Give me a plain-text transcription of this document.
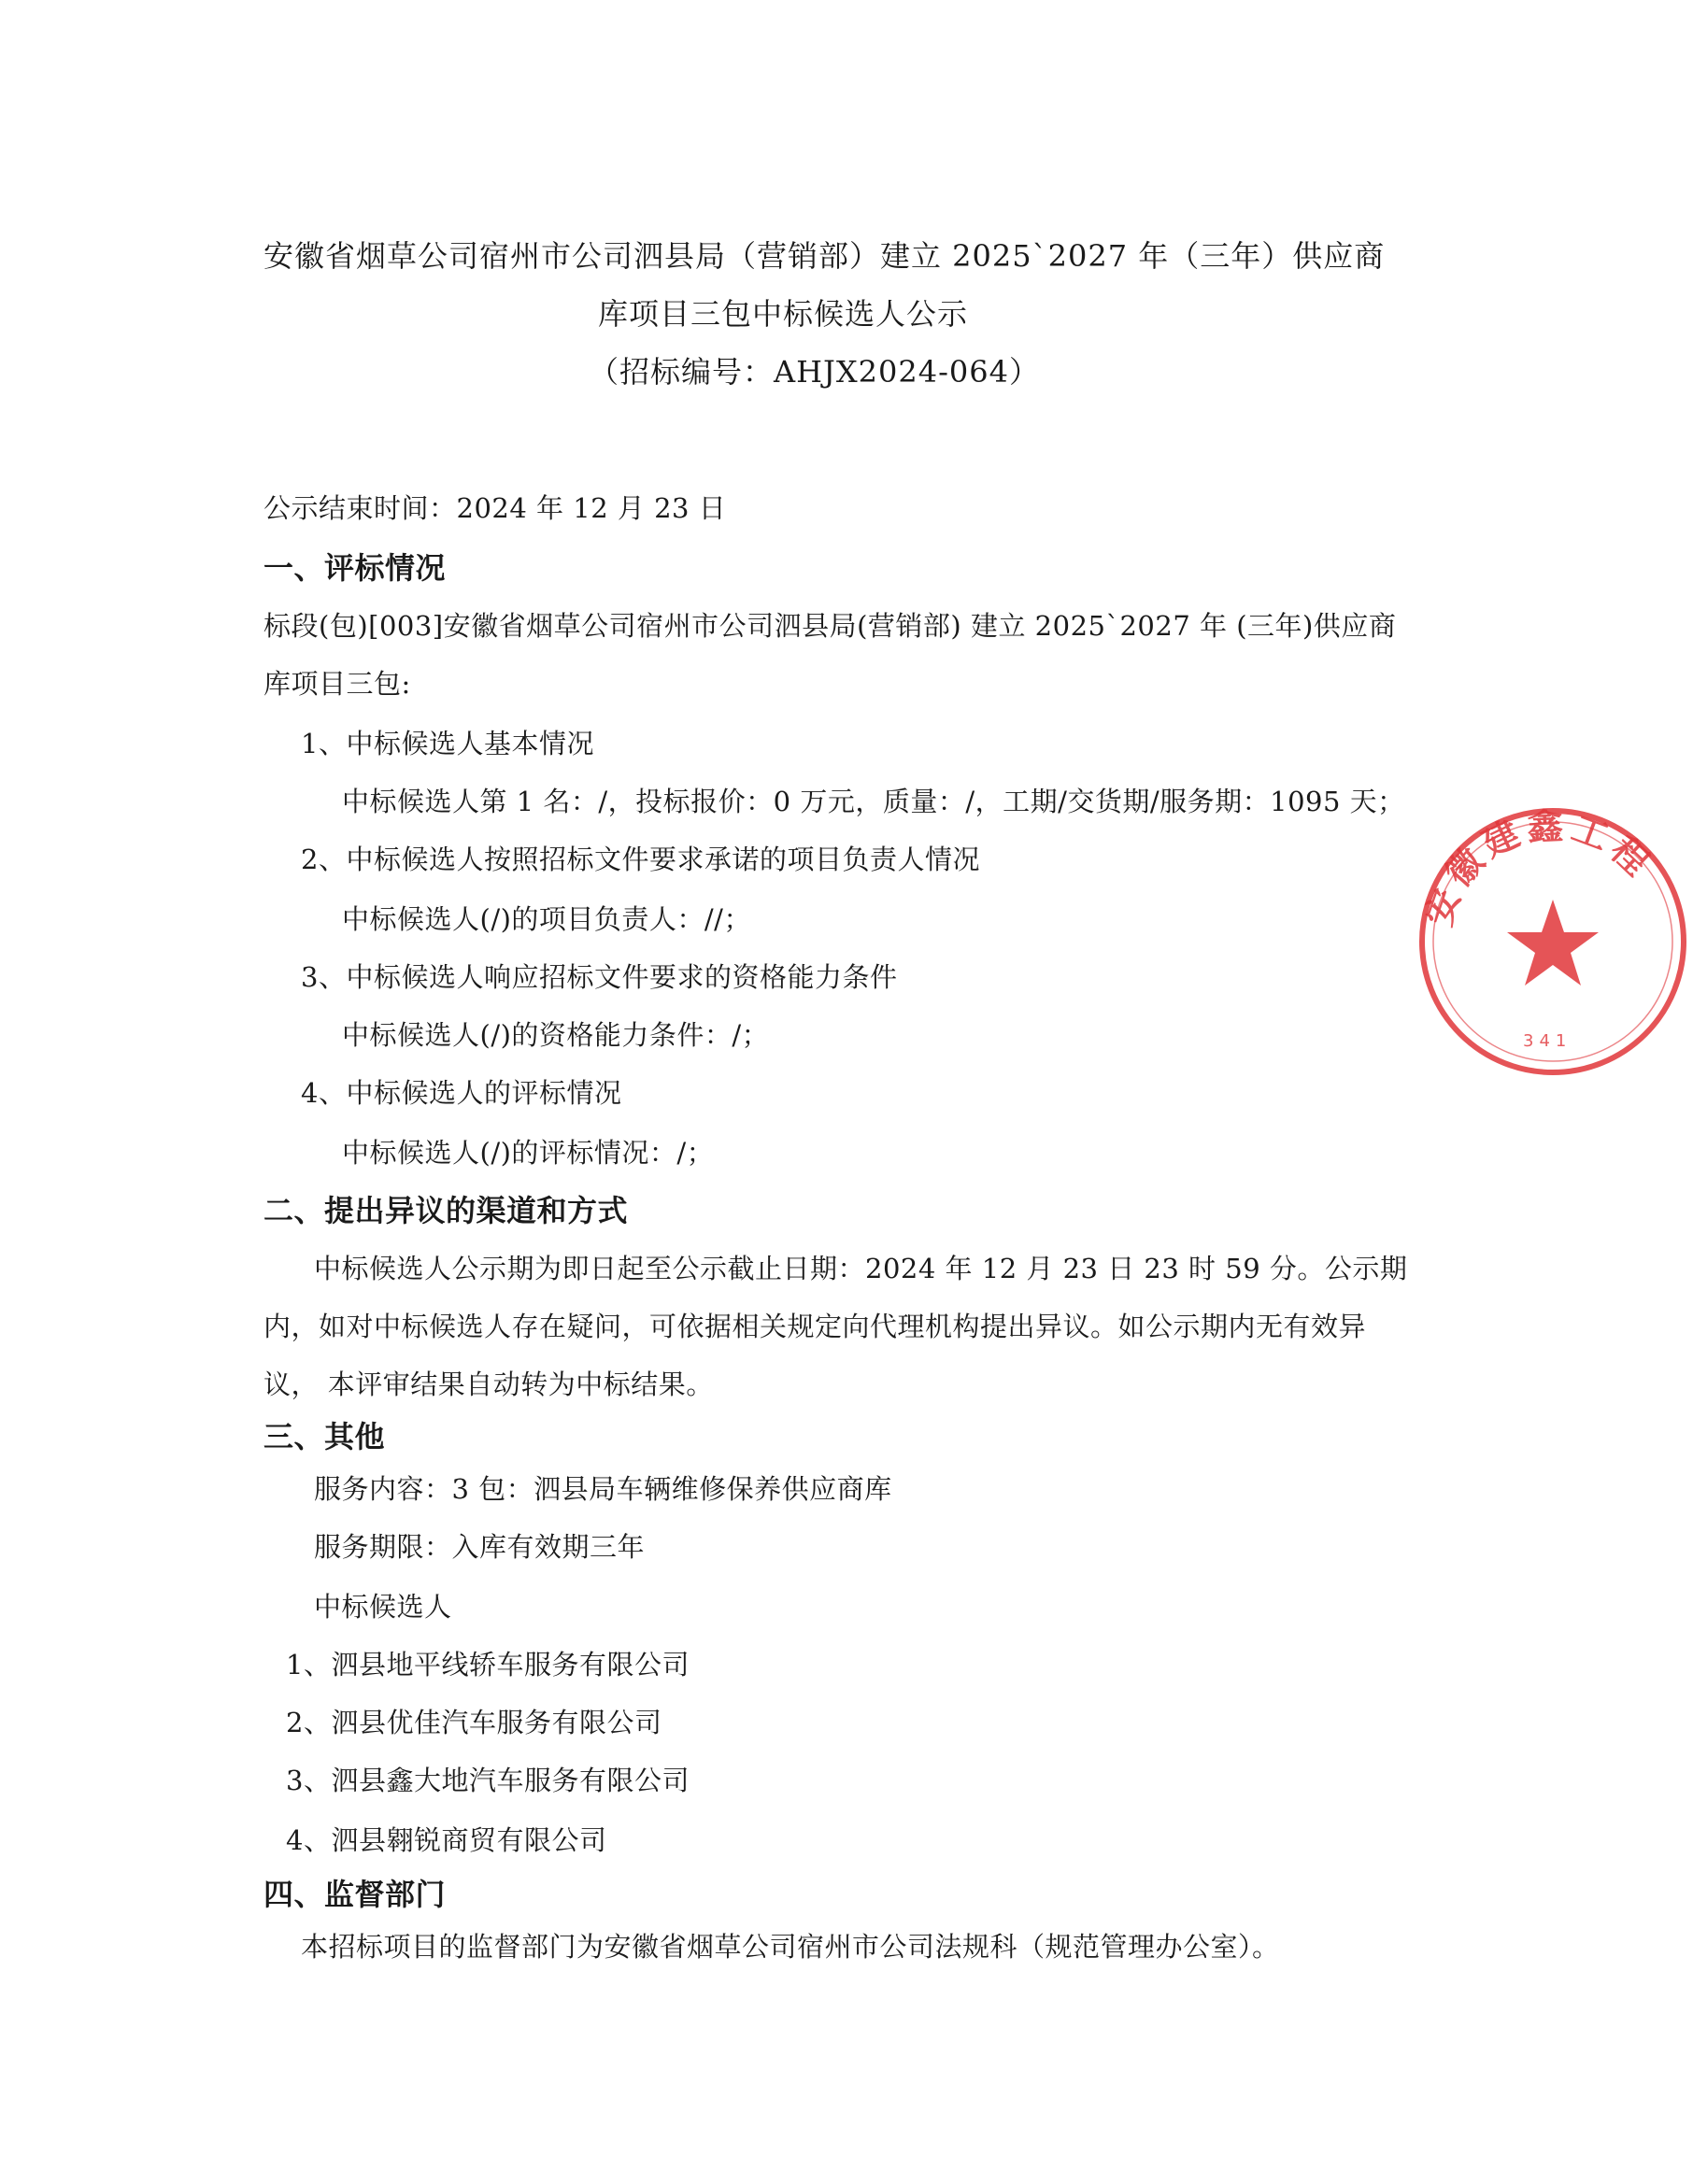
安徽省烟草公司宿州市公司泗县局（营销部）建立 2025`2027 年（三年）供应商
库项目三包中标候选人公示
（招标编号：AHJX2024-064）
公示结束时间：2024 年 12 月 23 日
一、评标情况
标段(包)[003]安徽省烟草公司宿州市公司泗县局(营销部) 建立 2025`2027 年 (三年)供应商
库项目三包:
1、中标候选人基本情况
中标候选人第 1 名：/，投标报价：0 万元，质量：/，工期/交货期/服务期：1095 天；
2、中标候选人按照招标文件要求承诺的项目负责人情况
中标候选人(/)的项目负责人：//；
3、中标候选人响应招标文件要求的资格能力条件
中标候选人(/)的资格能力条件：/；
4、中标候选人的评标情况
中标候选人(/)的评标情况：/；
二、提出异议的渠道和方式
中标候选人公示期为即日起至公示截止日期：2024 年 12 月 23 日 23 时 59 分。公示期
内，如对中标候选人存在疑问，可依据相关规定向代理机构提出异议。如公示期内无有效异
议， 本评审结果自动转为中标结果。
三、其他
服务内容：3 包：泗县局车辆维修保养供应商库
服务期限：入库有效期三年
中标候选人
1、泗县地平线轿车服务有限公司
2、泗县优佳汽车服务有限公司
3、泗县鑫大地汽车服务有限公司
4、泗县翱锐商贸有限公司
四、监督部门
本招标项目的监督部门为安徽省烟草公司宿州市公司法规科（规范管理办公室）。
安徽建鑫工程
341
